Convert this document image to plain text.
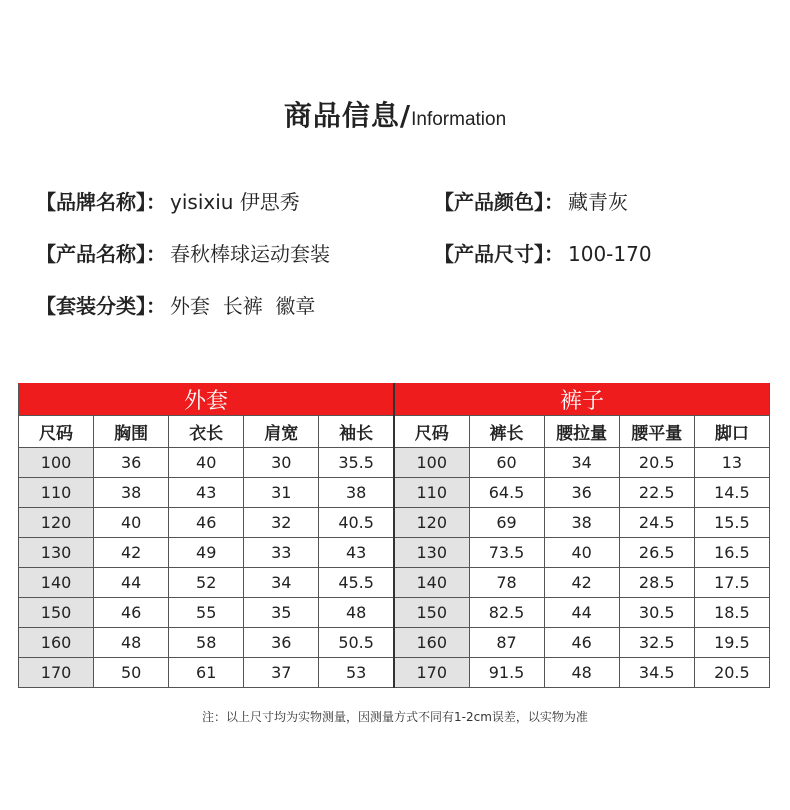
商品信息/Information
【品牌名称】： yisixiu 伊思秀	【产品颜色】： 藏青灰
【产品名称】： 春秋棒球运动套装	【产品尺寸】： 100-170
【套装分类】： 外套  长裤  徽章
外套					裤子				
尺码	胸围	衣长	肩宽	袖长	尺码	裤长	腰拉量	腰平量	脚口
100	36	40	30	35.5	100	60	34	20.5	13
110	38	43	31	38	110	64.5	36	22.5	14.5
120	40	46	32	40.5	120	69	38	24.5	15.5
130	42	49	33	43	130	73.5	40	26.5	16.5
140	44	52	34	45.5	140	78	42	28.5	17.5
150	46	55	35	48	150	82.5	44	30.5	18.5
160	48	58	36	50.5	160	87	46	32.5	19.5
170	50	61	37	53	170	91.5	48	34.5	20.5
注：以上尺寸均为实物测量，因测量方式不同有1-2cm误差，以实物为准
